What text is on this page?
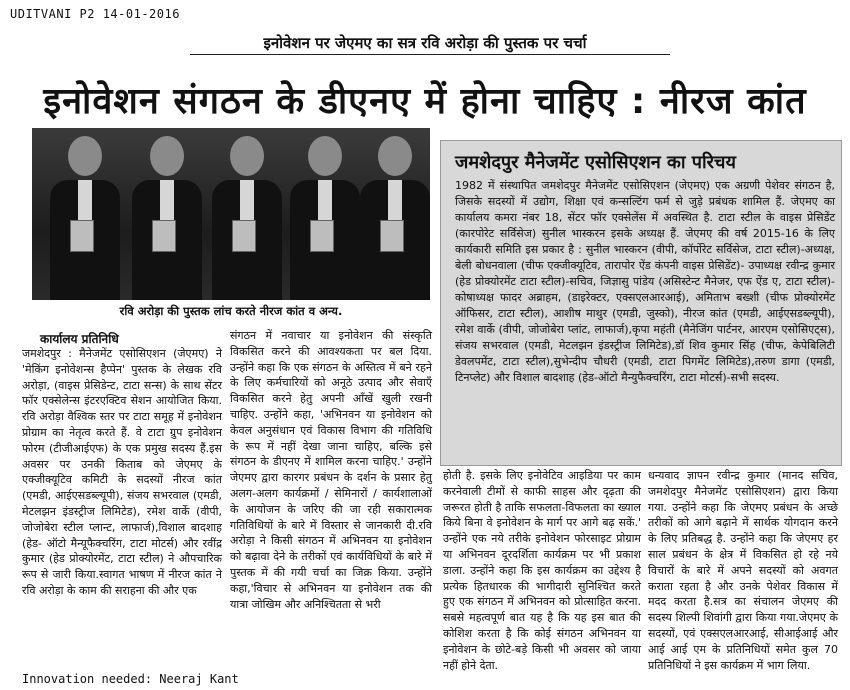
UDITVANI P2 14-01-2016
इनोवेशन पर जेएमए का सत्र रवि अरोड़ा की पुस्तक पर चर्चा
इनोवेशन संगठन के डीएनए में होना चाहिए : नीरज कांत
रवि अरोड़ा की पुस्तक लांच करते नीरज कांत व अन्य.
जमशेदपुर मैनेजमेंट एसोसिएशन का परिचय
1982 में संस्थापित जमशेदपुर मैनेजमेंट एसोसिएशन (जेएमए) एक अग्रणी पेशेवर संगठन है, जिसके सदस्यों में उद्योग, शिक्षा एवं कन्सल्टिंग फर्म से जुड़े प्रबंधक शामिल हैं. जेएमए का कार्यालय कमरा नंबर 18, सेंटर फॉर एक्सेलेंस में अवस्थित है. टाटा स्टील के वाइस प्रेसिडेंट (कारपोरेट सर्विसेज) सुनील भास्करन इसके अध्यक्ष हैं. जेएमए की वर्ष 2015-16 के लिए कार्यकारी समिति इस प्रकार है : सुनील भास्करन (वीपी, कॉर्पोरेट सर्विसेज, टाटा स्टील)-अध्यक्ष, बेली बोधनवाला (चीफ एक्जीक्यूटिव, तारापोर ऐंड कंपनी वाइस प्रेसिडेंट)- उपाध्यक्ष रवीन्द्र कुमार (हेड प्रोक्योरमेंट टाटा स्टील)-सचिव, जिज्ञासु पांडेय (असिस्टेन्ट मैनेजर, एफ ऐंड ए, टाटा स्टील)-कोषाध्यक्ष फादर अब्राहम, (डाइरेक्टर, एक्सएलआरआई), अमिताभ बख्शी (चीफ प्रोक्योरमेंट ऑफिसर, टाटा स्टील), आशीष माथुर (एमडी, जुस्को), नीरज कांत (एमडी, आईएसडब्ल्यूपी), रमेश वार्के (वीपी, जोजोबेरा प्लांट, लाफार्ज),कृपा महंती (मैनेजिंग पार्टनर, आरएम एसोसिएट्स), संजय सभरवाल (एमडी, मेटलझन इंडस्ट्रीज लिमिटेड),डॉ शिव कुमार सिंह (चीफ, केपेबिलिटी डेवलपमेंट, टाटा स्टील),सुभेन्दीप चौधरी (एमडी, टाटा पिगमेंट लिमिटेड),तरुण डागा (एमडी, टिनप्लेट) और विशाल बादशाह (हेड-ऑटो मैन्युफैक्चरिंग, टाटा मोटर्स)-सभी सदस्य.
कार्यालय प्रतिनिधि
जमशेदपुर : मैनेजमेंट एसोसिएशन (जेएमए) ने 'मेकिंग इनोवेशन्स हैप्पेन' पुस्तक के लेखक रवि अरोड़ा, (वाइस प्रेसिडेन्ट, टाटा सन्स) के साथ सेंटर फॉर एक्सेलेन्स इंटरएक्टिव सेशन आयोजित किया. रवि अरोड़ा वैश्विक स्तर पर टाटा समूह में इनोवेशन प्रोग्राम का नेतृत्व करते हैं. वे टाटा ग्रुप इनोवेशन फोरम (टीजीआईएफ) के एक प्रमुख सदस्य हैं.इस अवसर पर उनकी किताब को जेएमए के एक्जीक्यूटिव कमिटी के सदस्यों नीरज कांत (एमडी, आईएसडब्ल्यूपी), संजय सभरवाल (एमडी, मेटलझन इंडस्ट्रीज लिमिटेड), रमेश वार्के (वीपी, जोजोबेरा स्टील प्लान्ट, लाफार्ज),विशाल बादशाह (हेड- ऑटो मैन्यूफैक्चरिंग, टाटा मोटर्स) और रवींद्र कुमार (हेड प्रोक्योरमेंट, टाटा स्टील) ने औपचारिक रूप से जारी किया.स्वागत भाषण में नीरज कांत ने रवि अरोड़ा के काम की सराहना की और एक
संगठन में नवाचार या इनोवेशन की संस्कृति विकसित करने की आवश्यकता पर बल दिया. उन्होंने कहा कि एक संगठन के अस्तित्व में बने रहने के लिए कर्मचारियों को अनूठे उत्पाद और सेवाएँ विकसित करने हेतु अपनी आँखें खुली रखनी चाहिए. उन्होंने कहा, 'अभिनवन या इनोवेशन को केवल अनुसंधान एवं विकास विभाग की गतिविधि के रूप में नहीं देखा जाना चाहिए, बल्कि इसे संगठन के डीएनए में शामिल करना चाहिए.' उन्होंने जेएमए द्वारा कारगर प्रबंधन के दर्शन के प्रसार हेतु अलग-अलग कार्यक्रमों / सेमिनारों / कार्यशालाओं के आयोजन के जरिए की जा रही सकारात्मक गतिविधियों के बारे में विस्तार से जानकारी दी.रवि अरोड़ा ने किसी संगठन में अभिनवन या इनोवेशन को बढ़ावा देने के तरीकों एवं कार्यविधियों के बारे में पुस्तक में की गयी चर्चा का जिक्र किया. उन्होंने कहा,'विचार से अभिनवन या इनोवेशन तक की यात्रा जोखिम और अनिश्चितता से भरी
होती है. इसके लिए इनोवेटिव आइडिया पर काम करनेवाली टीमों से काफी साहस और दृढ़ता की जरूरत होती है ताकि सफलता-विफलता का ख्याल किये बिना वे इनोवेशन के मार्ग पर आगे बढ़ सकें.' उन्होंने एक नये तरीके इनोवेशन फोरसाइट प्रोग्राम या अभिनवन दूरदर्शिता कार्यक्रम पर भी प्रकाश डाला. उन्होंने कहा कि इस कार्यक्रम का उद्देश्य है प्रत्येक हितधारक की भागीदारी सुनिश्चित करते हुए एक संगठन में अभिनवन को प्रोत्साहित करना. सबसे महत्वपूर्ण बात यह है कि यह इस बात की कोशिश करता है कि कोई संगठन अभिनवन या इनोवेशन के छोटे-बड़े किसी भी अवसर को जाया नहीं होने देता.
धन्यवाद ज्ञापन रवीन्द्र कुमार (मानद सचिव, जमशेदपुर मैनेजमेंट एसोसिएशन) द्वारा किया गया. उन्होंने कहा कि जेएमए प्रबंधन के अच्छे तरीकों को आगे बढ़ाने में सार्थक योगदान करने के लिए प्रतिबद्ध है. उन्होंने कहा कि जेएमए हर साल प्रबंधन के क्षेत्र में विकसित हो रहे नये विचारों के बारे में अपने सदस्यों को अवगत कराता रहता है और उनके पेशेवर विकास में मदद करता है.सत्र का संचालन जेएमए की सदस्य शिल्पी शिवांगी द्वारा किया गया.जेएमए के सदस्यों, एवं एक्सएलआरआई, सीआईआई और आई आई एम के प्रतिनिधियों समेत कुल 70 प्रतिनिधियों ने इस कार्यक्रम में भाग लिया.
Innovation needed: Neeraj Kant
